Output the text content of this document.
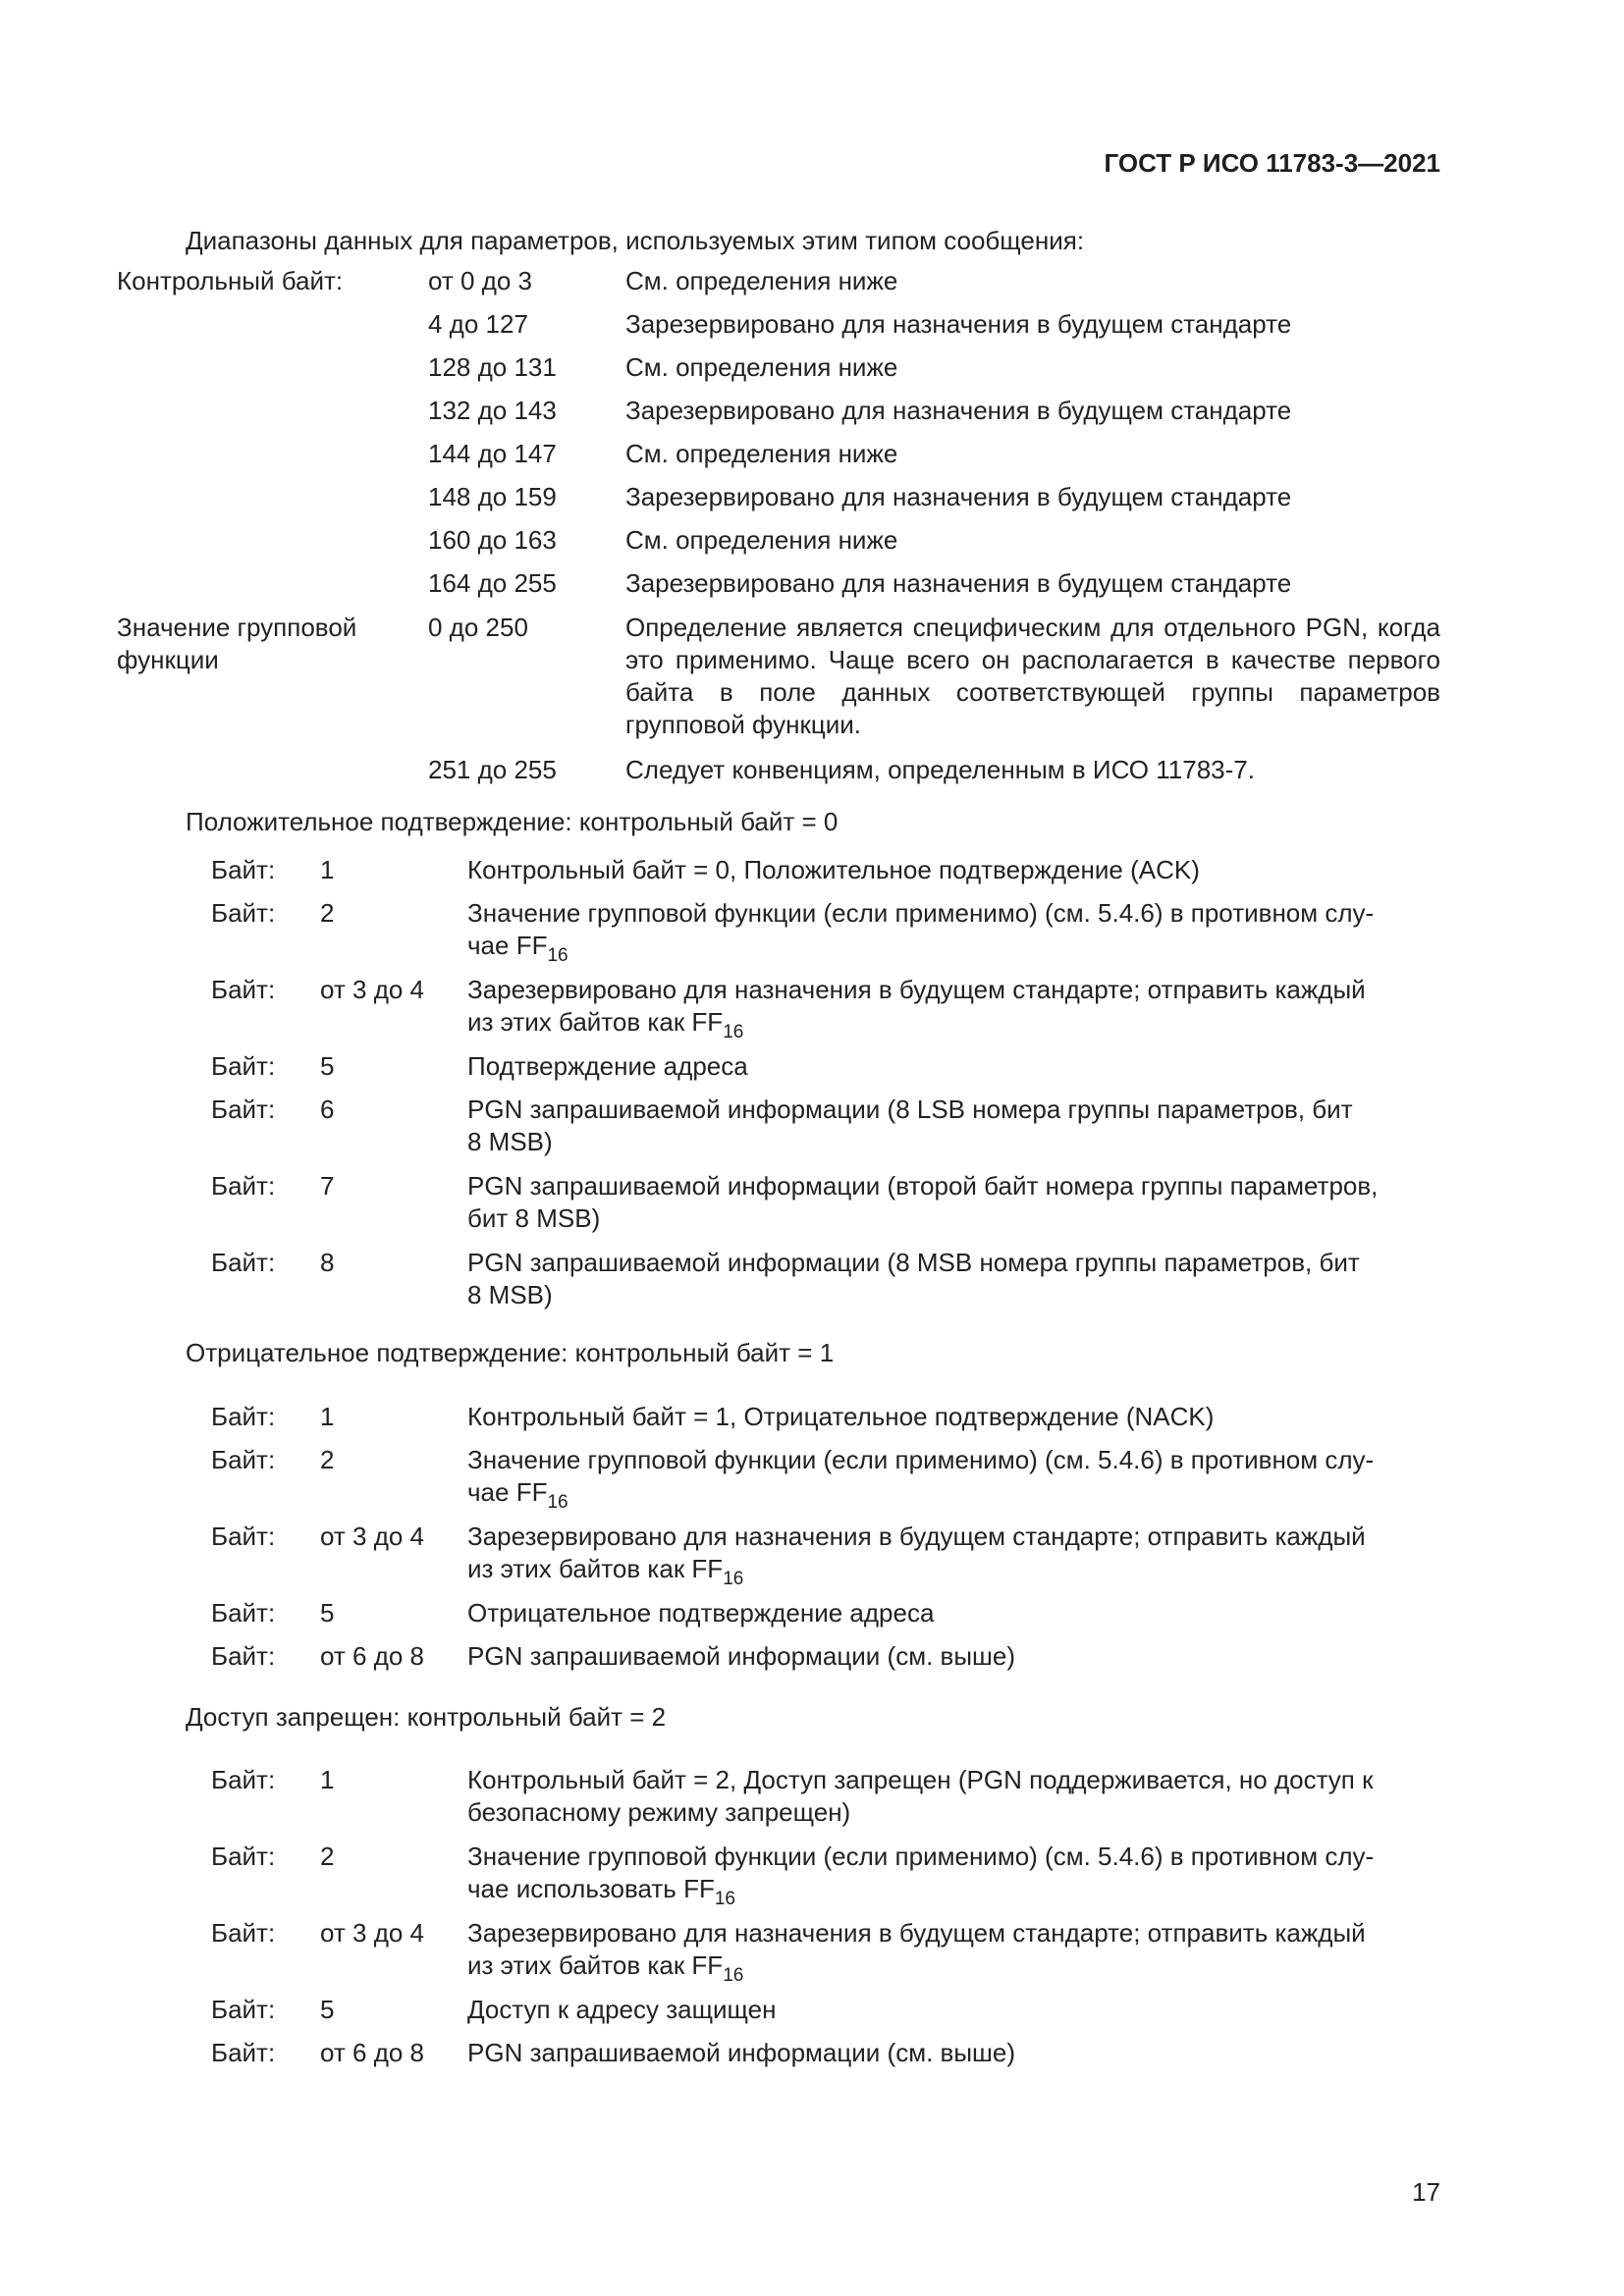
ГОСТ Р ИСО 11783-3—2021
Диапазоны данных для параметров, используемых этим типом сообщения:
Контрольный байт:	от 0 до 3	См. определения ниже
4 до 127	Зарезервировано для назначения в будущем стандарте
128 до 131	См. определения ниже
132 до 143	Зарезервировано для назначения в будущем стандарте
144 до 147	См. определения ниже
148 до 159	Зарезервировано для назначения в будущем стандарте
160 до 163	См. определения ниже
164 до 255	Зарезервировано для назначения в будущем стандарте
Значение групповой
функции
0 до 250	Определение является специфическим для отдельного PGN, когда это применимо. Чаще всего он располагается в качестве первого байта в поле данных соответствующей группы параметров групповой функции.
251 до 255	Следует конвенциям, определенным в ИСО 11783-7.
Положительное подтверждение: контрольный байт = 0
Байт: 1	Контрольный байт = 0, Положительное подтверждение (ACK)
Байт: 2	Значение групповой функции (если применимо) (см. 5.4.6) в противном слу-
чае $FF_{16}$
Байт: от 3 до 4 Зарезервировано для назначения в будущем стандарте; отправить каждый
из этих байтов как $FF_{16}$
Байт: 5	Подтверждение адреса
Байт: 6	PGN запрашиваемой информации (8 LSB номера группы параметров, бит
8 MSB)
Байт: 7	PGN запрашиваемой информации (второй байт номера группы параметров,
бит 8 MSB)
Байт: 8	PGN запрашиваемой информации (8 MSB номера группы параметров, бит
8 MSB)
Отрицательное подтверждение: контрольный байт = 1
Байт: 1	Контрольный байт = 1, Отрицательное подтверждение (NACK)
Байт: 2	Значение групповой функции (если применимо) (см. 5.4.6) в противном слу-
чае $FF_{16}$
Байт: от 3 до 4 Зарезервировано для назначения в будущем стандарте; отправить каждый
из этих байтов как $FF_{16}$
Байт: 5	Отрицательное подтверждение адреса
Байт: от 6 до 8 PGN запрашиваемой информации (см. выше)
Доступ запрещен: контрольный байт = 2
Байт: 1	Контрольный байт = 2, Доступ запрещен (PGN поддерживается, но доступ к
безопасному режиму запрещен)
Байт: 2	Значение групповой функции (если применимо) (см. 5.4.6) в противном слу-
чае использовать $FF_{16}$
Байт: от 3 до 4 Зарезервировано для назначения в будущем стандарте; отправить каждый
из этих байтов как $FF_{16}$
Байт: 5	Доступ к адресу защищен
Байт: от 6 до 8 PGN запрашиваемой информации (см. выше)
17
